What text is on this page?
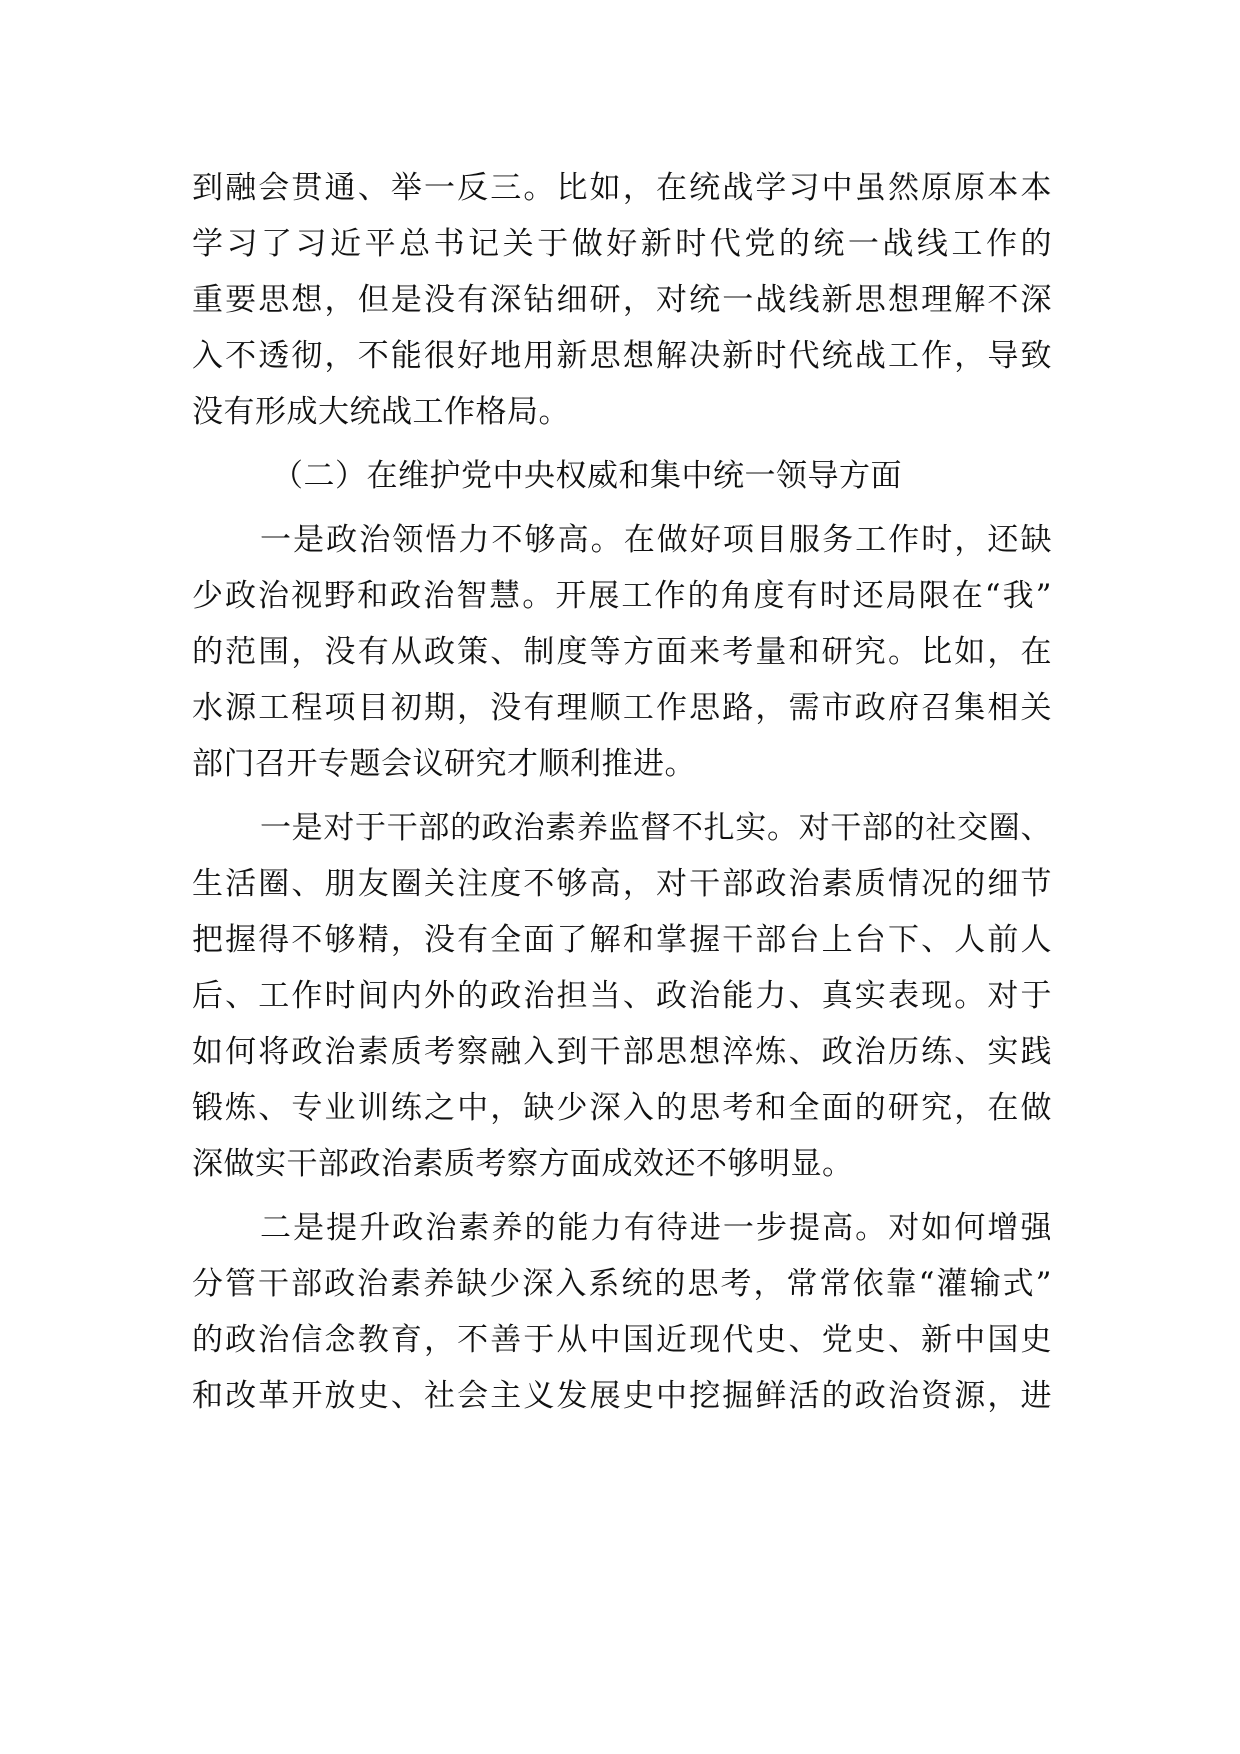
到融会贯通、举一反三。比如，在统战学习中虽然原原本本
学习了习近平总书记关于做好新时代党的统一战线工作的
重要思想，但是没有深钻细研，对统一战线新思想理解不深
入不透彻，不能很好地用新思想解决新时代统战工作，导致
没有形成大统战工作格局。
（二）在维护党中央权威和集中统一领导方面
一是政治领悟力不够高。在做好项目服务工作时，还缺
少政治视野和政治智慧。开展工作的角度有时还局限在“我”
的范围，没有从政策、制度等方面来考量和研究。比如，在
水源工程项目初期，没有理顺工作思路，需市政府召集相关
部门召开专题会议研究才顺利推进。
一是对于干部的政治素养监督不扎实。对干部的社交圈、
生活圈、朋友圈关注度不够高，对干部政治素质情况的细节
把握得不够精，没有全面了解和掌握干部台上台下、人前人
后、工作时间内外的政治担当、政治能力、真实表现。对于
如何将政治素质考察融入到干部思想淬炼、政治历练、实践
锻炼、专业训练之中，缺少深入的思考和全面的研究，在做
深做实干部政治素质考察方面成效还不够明显。
二是提升政治素养的能力有待进一步提高。对如何增强
分管干部政治素养缺少深入系统的思考，常常依靠“灌输式”
的政治信念教育，不善于从中国近现代史、党史、新中国史
和改革开放史、社会主义发展史中挖掘鲜活的政治资源，进
